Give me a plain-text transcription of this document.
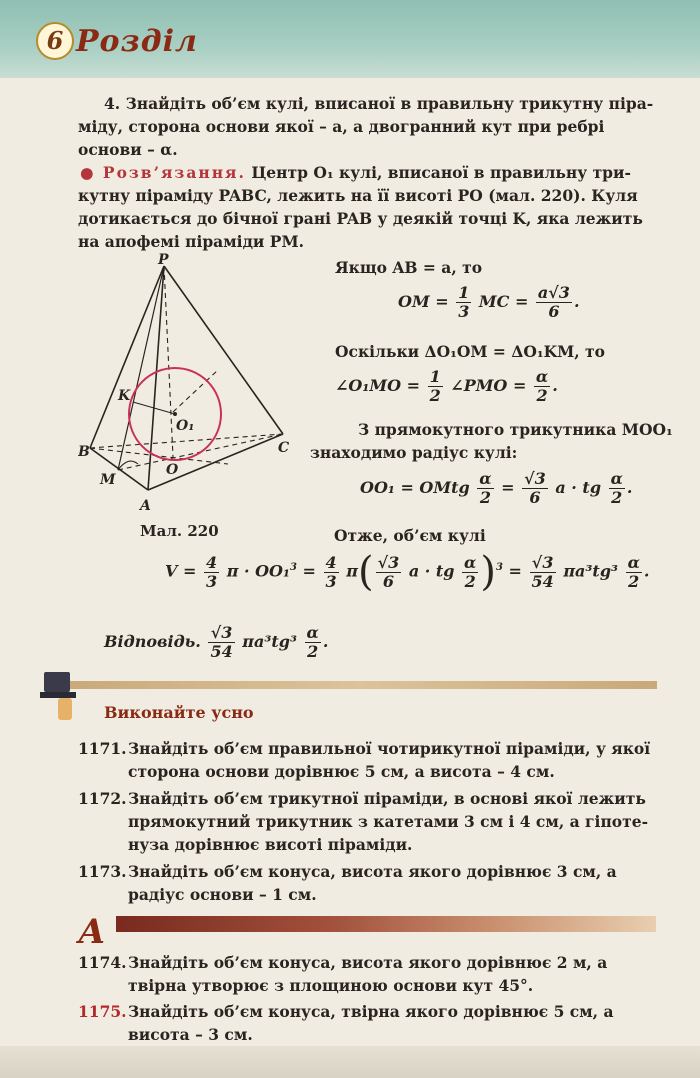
6 Розділ
4. Знайдіть об’єм кулі, вписаної в правильну трикутну піра-
міду, сторона основи якої – a, а двогранний кут при ребрі
основи – α.
● Розв’язання. Центр O₁ кулі, вписаної в правильну три-
кутну піраміду PABC, лежить на її висоті PO (мал. 220). Куля
дотикається до бічної грані PAB у деякій точці K, яка лежить
на апофемі піраміди PM.
P
K
O₁
B	C
M
O
A
Мал. 220
Якщо AB = a, то
OM = $\frac{1}{3}$ MC = $\frac{a√3}{6}$ .
Оскільки ΔO₁OM = ΔO₁KM, то
∠O₁MO = $\frac{1}{2}$ ∠PMO = $\frac{\alpha}{2}$ .
З прямокутного трикутника MOO₁
знаходимо радіус кулі:
OO₁ = OMtg $\frac{\alpha}{2} = \frac{√3}{6}$ a · tg $\frac{\alpha}{2}$ .
Отже, об’єм кулі
$V = \frac{4}{3}$ $\pi \cdot OO_1^3 = \frac{4}{3} \pi( \frac{√3}{6}$ a · tg $\frac{\alpha}{2} )^3 = \frac{√3}{54} \pi a^3tg^3 \frac{\alpha}{2}$ .
Відповідь. $\frac{√3}{54} \pi a^3tg^3 \frac{\alpha}{2}$ .
Виконайте усно
1171. Знайдіть об’єм правильної чотирикутної піраміди, у якої
сторона основи дорівнює 5 см, а висота – 4 см.
1172. Знайдіть об’єм трикутної піраміди, в основі якої лежить
прямокутний трикутник з катетами 3 см і 4 см, а гіпоте-
нуза дорівнює висоті піраміди.
1173. Знайдіть об’єм конуса, висота якого дорівнює 3 см, а
радіус основи – 1 см.
А
1174. Знайдіть об’єм конуса, висота якого дорівнює 2 м, а
твірна утворює з площиною основи кут 45°.
1175. Знайдіть об’єм конуса, твірна якого дорівнює 5 см, а
висота – 3 см.
